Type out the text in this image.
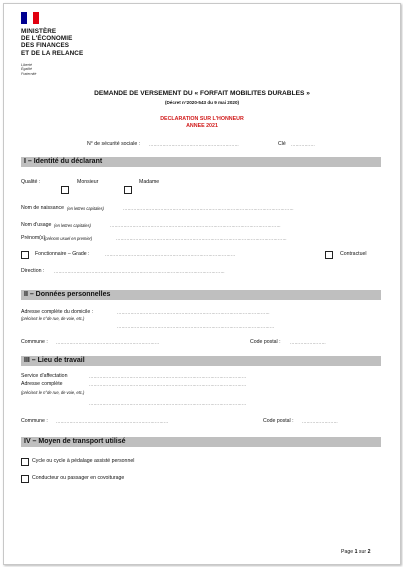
MINISTÈRE
DE L'ÉCONOMIE
DES FINANCES
ET DE LA RELANCE
Liberté
Égalité
Fraternité
DEMANDE DE VERSEMENT DU « FORFAIT MOBILITES DURABLES »
(Décret n°2020-543 du 9 mai 2020)
DECLARATION SUR L'HONNEUR
ANNEE 2021
N° de sécurité sociale : ……………………………………………………	Clé …………….
I – Identité du déclarant
Qualité :	Monsieur	Madame
Nom de naissance (en lettres capitales)	……………………………………………………………………………………………………
Nom d'usage (en lettres capitales)	……………………………………………………………………………………………………
Prénom(s)
(prénom usuel en premier)	……………………………………………………………………………………………………
Fonctionnaire – Grade :	……………………………………………………………………………	Contractuel
Direction : ……………………………………………………………………………………………………
II – Données personnelles
Adresse complète du domicile :	…………………………………………………………………………………………
(précisez le n°de rue, de voie, etc.)
……………………………………………………………………………………………
Commune : ……………………………………………………………	Code postal : ……………………
III – Lieu de travail
Service d'affectation	……………………………………………………………………………………………
Adresse complète	……………………………………………………………………………………………
(précisez le n°de rue, de voie, etc.)
……………………………………………………………………………………………
Commune : …………………………………………………………………	Code postal : ……………………
IV – Moyen de transport utilisé
Cycle ou cycle à pédalage assisté personnel
Conducteur ou passager en covoiturage
Page 1 sur 2
